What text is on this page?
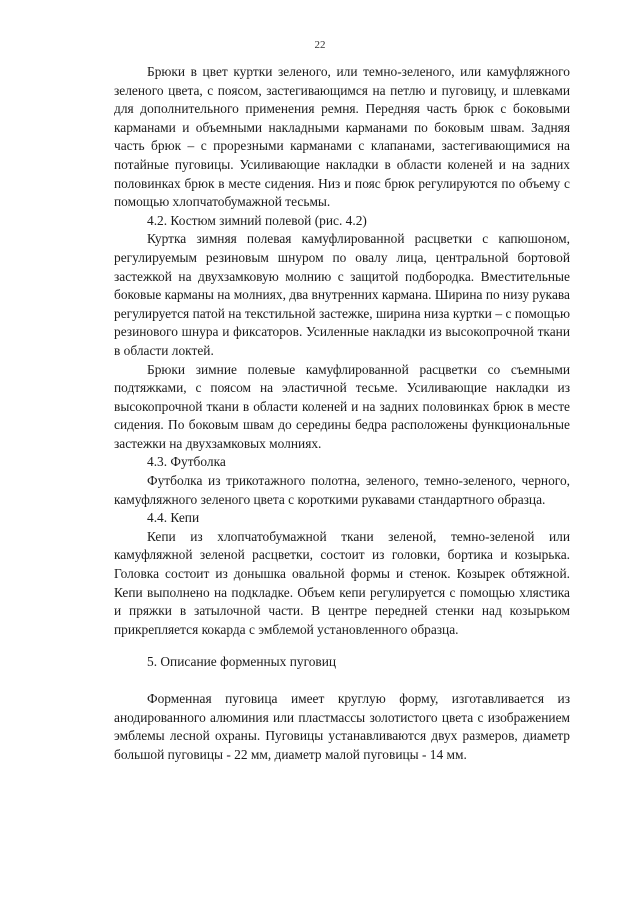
22

Брюки в цвет куртки зеленого, или темно-зеленого, или камуфляжного зеленого цвета, с поясом, застегивающимся на петлю и пуговицу, и шлевками для дополнительного применения ремня. Передняя часть брюк с боковыми карманами и объемными накладными карманами по боковым швам. Задняя часть брюк – с прорезными карманами с клапанами, застегивающимися на потайные пуговицы. Усиливающие накладки в области коленей и на задних половинках брюк в месте сидения. Низ и пояс брюк регулируются по объему с помощью хлопчатобумажной тесьмы.

4.2. Костюм зимний полевой (рис. 4.2)

Куртка зимняя полевая камуфлированной расцветки с капюшоном, регулируемым резиновым шнуром по овалу лица, центральной бортовой застежкой на двухзамковую молнию с защитой подбородка. Вместительные боковые карманы на молниях, два внутренних кармана. Ширина по низу рукава регулируется патой на текстильной застежке, ширина низа куртки – с помощью резинового шнура и фиксаторов. Усиленные накладки из высокопрочной ткани в области локтей.

Брюки зимние полевые камуфлированной расцветки со съемными подтяжками, с поясом на эластичной тесьме. Усиливающие накладки из высокопрочной ткани в области коленей и на задних половинках брюк в месте сидения. По боковым швам до середины бедра расположены функциональные застежки на двухзамковых молниях.

4.3. Футболка

Футболка из трикотажного полотна, зеленого, темно-зеленого, черного, камуфляжного зеленого цвета с короткими рукавами стандартного образца.

4.4. Кепи

Кепи из хлопчатобумажной ткани зеленой, темно-зеленой или камуфляжной зеленой расцветки, состоит из головки, бортика и козырька. Головка состоит из донышка овальной формы и стенок. Козырек обтяжной. Кепи выполнено на подкладке. Объем кепи регулируется с помощью хлястика и пряжки в затылочной части. В центре передней стенки над козырьком прикрепляется кокарда с эмблемой установленного образца.

5. Описание форменных пуговиц

Форменная пуговица имеет круглую форму, изготавливается из анодированного алюминия или пластмассы золотистого цвета с изображением эмблемы лесной охраны. Пуговицы устанавливаются двух размеров, диаметр большой пуговицы - 22 мм, диаметр малой пуговицы - 14 мм.
